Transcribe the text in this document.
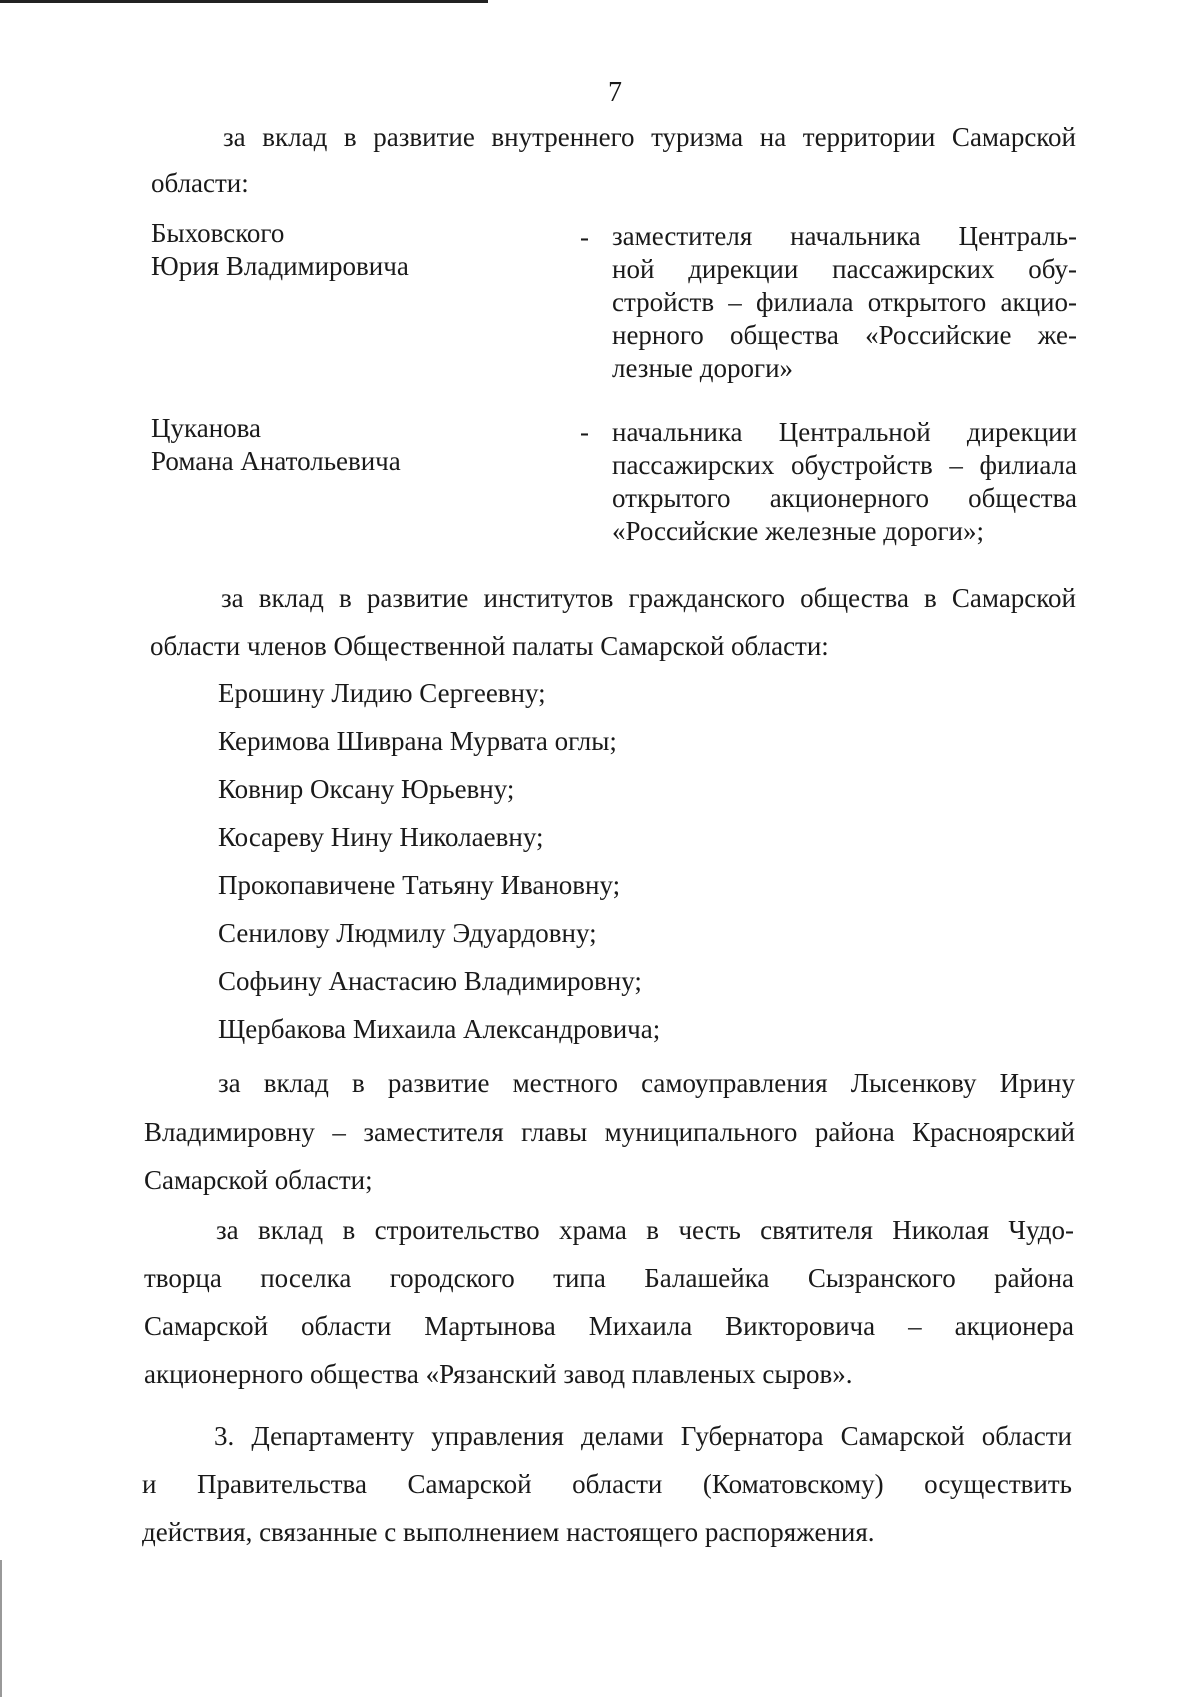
7
за вклад в развитие внутреннего туризма на территории Самарской
области:
Быховского
Юрия Владимировича
- заместителя начальника Централь-
ной дирекции пассажирских обу-
стройств – филиала открытого акцио-
нерного общества «Российские же-
лезные дороги»
Цуканова
Романа Анатольевича
- начальника Центральной дирекции
пассажирских обустройств – филиала
открытого акционерного общества
«Российские железные дороги»;
за вклад в развитие институтов гражданского общества в Самарской
области членов Общественной палаты Самарской области:
Ерошину Лидию Сергеевну;
Керимова Шиврана Мурвата оглы;
Ковнир Оксану Юрьевну;
Косареву Нину Николаевну;
Прокопавичене Татьяну Ивановну;
Сенилову Людмилу Эдуардовну;
Софьину Анастасию Владимировну;
Щербакова Михаила Александровича;
за вклад в развитие местного самоуправления Лысенкову Ирину
Владимировну – заместителя главы муниципального района Красноярский
Самарской области;
за вклад в строительство храма в честь святителя Николая Чудо-
творца поселка городского типа Балашейка Сызранского района
Самарской области Мартынова Михаила Викторовича – акционера
акционерного общества «Рязанский завод плавленых сыров».
3. Департаменту управления делами Губернатора Самарской области
и Правительства Самарской области (Коматовскому) осуществить
действия, связанные с выполнением настоящего распоряжения.
